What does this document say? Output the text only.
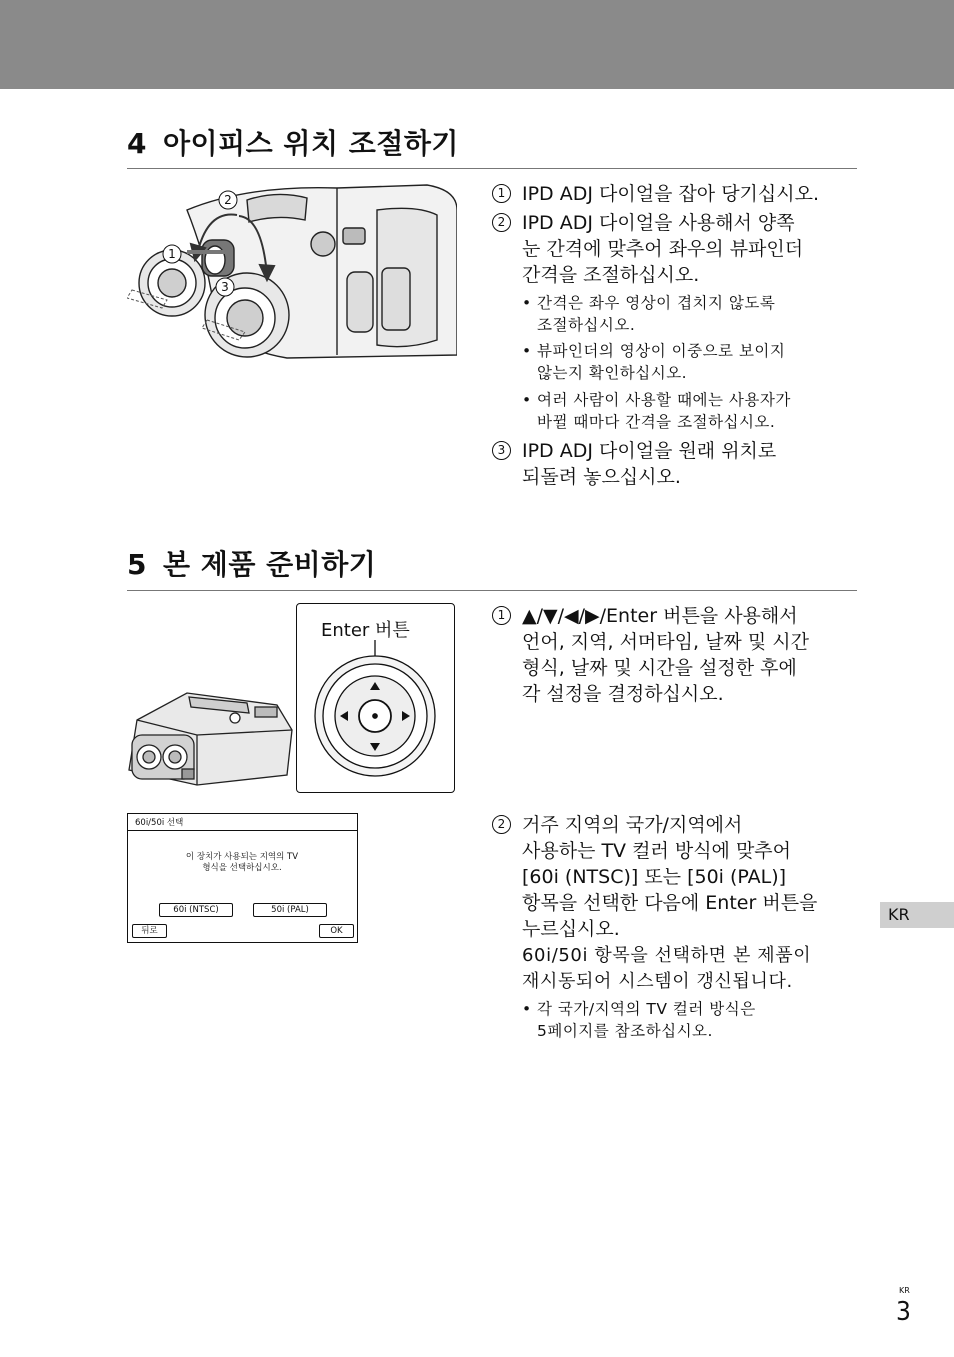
4 아이피스 위치 조절하기
2
1
3
1 IPD ADJ 다이얼을 잡아 당기십시오.
2 IPD ADJ 다이얼을 사용해서 양쪽
눈 간격에 맞추어 좌우의 뷰파인더
간격을 조절하십시오.
• 간격은 좌우 영상이 겹치지 않도록
조절하십시오.
• 뷰파인더의 영상이 이중으로 보이지
않는지 확인하십시오.
• 여러 사람이 사용할 때에는 사용자가
바뀔 때마다 간격을 조절하십시오.
3 IPD ADJ 다이얼을 원래 위치로
되돌려 놓으십시오.
5 본 제품 준비하기
Enter 버튼
1 ▲/▼/◀/▶/Enter 버튼을 사용해서
언어, 지역, 서머타임, 날짜 및 시간
형식, 날짜 및 시간을 설정한 후에
각 설정을 결정하십시오.
60i/50i 선택
이 장치가 사용되는 지역의 TV
형식을 선택하십시오.
60i (NTSC)	50i (PAL)
뒤로	OK
2 거주 지역의 국가/지역에서
사용하는 TV 컬러 방식에 맞추어
[60i (NTSC)] 또는 [50i (PAL)]
항목을 선택한 다음에 Enter 버튼을
누르십시오.
60i/50i 항목을 선택하면 본 제품이
재시동되어 시스템이 갱신됩니다.
• 각 국가/지역의 TV 컬러 방식은
5페이지를 참조하십시오.
KR
KR
3
